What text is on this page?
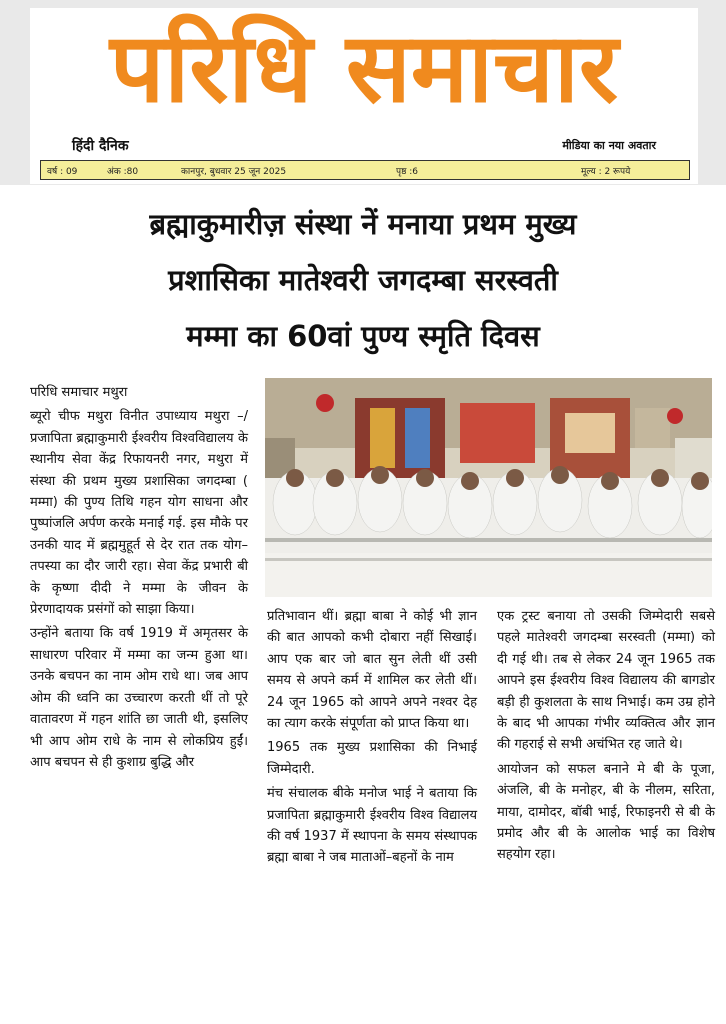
परिधि समाचार
हिंदी दैनिक	मीडिया का नया अवतार
वर्ष : 09	अंक :80	कानपुर, बुधवार 25 जून 2025	पृष्ठ :6	मूल्य : 2 रूपये
ब्रह्माकुमारीज़ संस्था नें मनाया प्रथम मुख्य
प्रशासिका मातेश्वरी जगदम्बा सरस्वती
मम्मा का 60वां पुण्य स्मृति दिवस

परिधि समाचार मथुरा

ब्यूरो चीफ मथुरा विनीत उपाध्याय मथुरा –/ प्रजापिता ब्रह्माकुमारी ईश्वरीय विश्वविद्यालय के स्थानीय सेवा केंद्र रिफायनरी नगर, मथुरा में संस्था की प्रथम मुख्य प्रशासिका जगदम्बा ( मम्मा) की पुण्य तिथि गहन योग साधना और पुष्पांजलि अर्पण करके मनाई गई. इस मौके पर उनकी याद में ब्रह्ममुहूर्त से देर रात तक योग–तपस्या का दौर जारी रहा। सेवा केंद्र प्रभारी बी के कृष्णा दीदी ने मम्मा के जीवन के प्रेरणादायक प्रसंगों को साझा किया।

उन्होंने बताया कि वर्ष 1919 में अमृतसर के साधारण परिवार में मम्मा का जन्म हुआ था। उनके बचपन का नाम ओम राधे था। जब आप ओम की ध्वनि का उच्चारण करती थीं तो पूरे वातावरण में गहन शांति छा जाती थी, इसलिए भी आप ओम राधे के नाम से लोकप्रिय हुईं। आप बचपन से ही कुशाग्र बुद्धि और

प्रतिभावान थीं। ब्रह्मा बाबा ने कोई भी ज्ञान की बात आपको कभी दोबारा नहीं सिखाई। आप एक बार जो बात सुन लेती थीं उसी समय से अपने कर्म में शामिल कर लेती थीं। 24 जून 1965 को आपने अपने नश्वर देह का त्याग करके संपूर्णता को प्राप्त किया था।

1965 तक मुख्य प्रशासिका की निभाई जिम्मेदारी.

मंच संचालक बीके मनोज भाई ने बताया कि प्रजापिता ब्रह्माकुमारी ईश्वरीय विश्व विद्यालय की वर्ष 1937 में स्थापना के समय संस्थापक ब्रह्मा बाबा ने जब माताओं–बहनों के नाम

एक ट्रस्ट बनाया तो उसकी जिम्मेदारी सबसे पहले मातेश्वरी जगदम्बा सरस्वती (मम्मा) को दी गई थी। तब से लेकर 24 जून 1965 तक आपने इस ईश्वरीय विश्व विद्यालय की बागडोर बड़ी ही कुशलता के साथ निभाई। कम उम्र होने के बाद भी आपका गंभीर व्यक्तित्व और ज्ञान की गहराई से सभी अचंभित रह जाते थे।

आयोजन को सफल बनाने मे बी के पूजा, अंजलि, बी के मनोहर, बी के नीलम, सरिता, माया, दामोदर, बॉबी भाई, रिफाइनरी से बी के प्रमोद और बी के आलोक भाई का विशेष सहयोग रहा।
